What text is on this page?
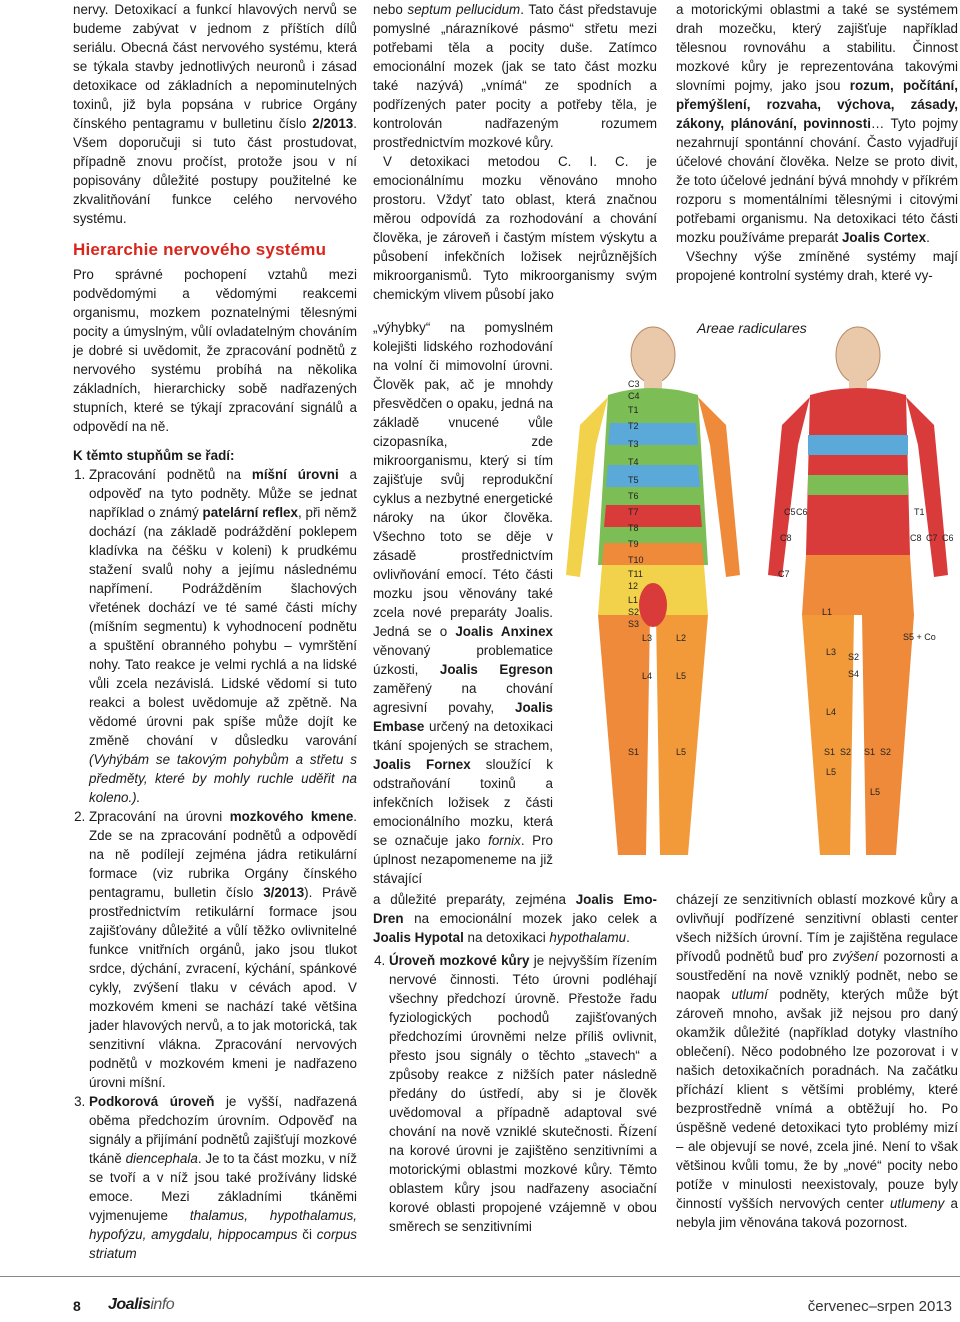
nervy. Detoxikací a funkcí hlavových nervů se budeme zabývat v jednom z příštích dílů seriálu. Obecná část nervového systému, která se týkala stavby jednotlivých neuronů i zásad detoxikace od základních a nepominutelných toxinů, již byla popsána v rubrice Orgány čínského pentagramu v bulletinu číslo 2/2013. Všem doporučuji si tuto část prostudovat, případně znovu pročíst, protože jsou v ní popisovány důležité postupy použitelné ke zkvalitňování funkce celého nervového systému.

Hierarchie nervového systému

Pro správné pochopení vztahů mezi podvědomými a vědomými reakcemi organismu, mozkem poznatelnými tělesnými pocity a úmyslným, vůlí ovladatelným chováním je dobré si uvědomit, že zpracování podnětů z nervového systému probíhá na několika základních, hierarchicky sobě nadřazených stupních, které se týkají zpracování signálů a odpovědí na ně.

K těmto stupňům se řadí:

1. Zpracování podnětů na míšní úrovni a odpověď na tyto podněty. Může se jednat například o známý patelární reflex, při němž dochází (na základě podráždění poklepem kladívka na čéšku v koleni) k prudkému stažení svalů nohy a jejímu následnému napřímení. Podrážděním šlachových vřetének dochází ve té samé části míchy (míšním segmentu) k vyhodnocení podnětu a spuštění obranného pohybu – vymrštění nohy. Tato reakce je velmi rychlá a na lidské vůli zcela nezávislá. Lidské vědomí si tuto reakci a bolest uvědomuje až zpětně. Na vědomé úrovni pak spíše může dojít ke změně chování v důsledku varování (Vyhýbám se takovým pohybům a střetu s předměty, které by mohly ruchle uděřit na koleno.).
2. Zpracování na úrovni mozkového kmene. Zde se na zpracování podnětů a odpovědí na ně podílejí zejména jádra retikulární formace (viz rubrika Orgány čínského pentagramu, bulletin číslo 3/2013). Právě prostřednictvím retikulární formace jsou zajišťovány důležité a vůlí těžko ovlivnitelné funkce vnitřních orgánů, jako jsou tlukot srdce, dýchání, zvracení, kýchání, spánkové cykly, zvýšení tlaku v cévách apod. V mozkovém kmeni se nachází také většina jader hlavových nervů, a to jak motorická, tak senzitivní vlákna. Zpracování nervových podnětů v mozkovém kmeni je nadřazeno úrovni míšní.
3. Podkorová úroveň je vyšší, nadřazená oběma předchozím úrovním. Odpověď na signály a přijímání podnětů zajišťují mozkové tkáně diencephala. Je to ta část mozku, v níž se tvoří a v níž jsou také prožívány lidské emoce. Mezi základními tkáněmi vyjmenujeme thalamus, hypothalamus, hypofýzu, amygdalu, hippocampus či corpus striatum

nebo septum pellucidum. Tato část představuje pomyslné „nárazníkové pásmo“ střetu mezi potřebami těla a pocity duše. Zatímco emocionální mozek (jak se tato část mozku také nazývá) „vnímá“ ze spodních a podřízených pater pocity a potřeby těla, je kontrolován nadřazeným rozumem prostřednictvím mozkové kůry.

V detoxikaci metodou C. I. C. je emocionálnímu mozku věnováno mnoho prostoru. Vždyť tato oblast, která značnou měrou odpovídá za rozhodování a chování člověka, je zároveň i častým místem výskytu a působení infekčních ložisek nejrůznějších mikroorganismů. Tyto mikroorganismy svým chemickým vlivem působí jako

„výhybky“ na pomyslném kolejišti lidského rozhodování na volní či mimovolní úrovni. Člověk pak, ač je mnohdy přesvědčen o opaku, jedná na základě vnucené vůle cizopasníka, zde mikroorganismu, který si tím zajišťuje svůj reprodukční cyklus a nezbytné energetické nároky na úkor člověka. Všechno toto se děje v zásadě prostřednictvím ovlivňování emocí. Této části mozku jsou věnovány také zcela nové preparáty Joalis. Jedná se o Joalis Anxinex věnovaný problematice úzkosti, Joalis Egreson zaměřený na chování agresivní povahy, Joalis Embase určený na detoxikaci tkání spojených se strachem, Joalis Fornex sloužící k odstraňování toxinů a infekčních ložisek z části emocionálního mozku, která se označuje jako fornix. Pro úplnost nezapomeneme na již stávající

a důležité preparáty, zejména Joalis Emo-Dren na emocionální mozek jako celek a Joalis Hypotal na detoxikaci hypothalamu.

4. Úroveň mozkové kůry je nejvyšším řízením nervové činnosti. Této úrovni podléhají všechny předchozí úrovně. Přestože řadu fyziologických pochodů zajišťovaných předchozími úrovněmi nelze příliš ovlivnit, přesto jsou signály o těchto „stavech“ a způsoby reakce z nižších pater následně předány do ústředí, aby si je člověk uvědomoval a případně adaptoval své chování na nově vzniklé skutečnosti. Řízení na korové úrovni je zajištěno senzitivními a motorickými oblastmi mozkové kůry. Těmto oblastem kůry jsou nadřazeny asociační korové oblasti propojené vzájemně v obou směrech se senzitivními

a motorickými oblastmi a také se systémem drah mozečku, který zajišťuje například tělesnou rovnováhu a stabilitu. Činnost mozkové kůry je reprezentována takovými slovními pojmy, jako jsou rozum, počítání, přemýšlení, rozvaha, výchova, zásady, zákony, plánování, povinnosti… Tyto pojmy nezahrnují spontánní chování. Často vyjadřují účelové chování člověka. Nelze se proto divit, že toto účelové jednání bývá mnohdy v příkrém rozporu s momentálními tělesnými i citovými potřebami organismu. Na detoxikaci této části mozku používáme preparát Joalis Cortex.

Všechny výše zmíněné systémy mají propojené kontrolní systémy drah, které vy-

C3
C4
T1
T2
T3
T4
T5
T6
T7
T8
T9
T10
T11
12
L1
S2
S3
L3	L2
L4	L5
S1	L5
C5 C6
C7
C8
T1
C8 C7 C6
S5 + Co
S2
S4
L1
L3
L4
L5
S1 S2 S1 S2
L5
Areae radiculares

cházejí ze senzitivních oblastí mozkové kůry a ovlivňují podřízené senzitivní oblasti center všech nižších úrovní. Tím je zajištěna regulace přívodů podnětů buď pro zvýšení pozornosti a soustředění na nově vzniklý podnět, nebo se naopak utlumí podněty, kterých může být zároveň mnoho, avšak již nejsou pro daný okamžik důležité (například dotyky vlastního oblečení). Něco podobného lze pozorovat i v našich detoxikačních poradnách. Na začátku příchází klient s většími problémy, které bezprostředně vnímá a obtěžují ho. Po úspěšně vedené detoxikaci tyto problémy mizí – ale objevují se nové, zcela jiné. Není to však většinou kvůli tomu, že by „nové“ pocity nebo potíže v minulosti neexistovaly, pouze byly činností vyšších nervových center utlumeny a nebyla jim věnována taková pozornost.

8 Joalisinfo	červenec–srpen 2013
